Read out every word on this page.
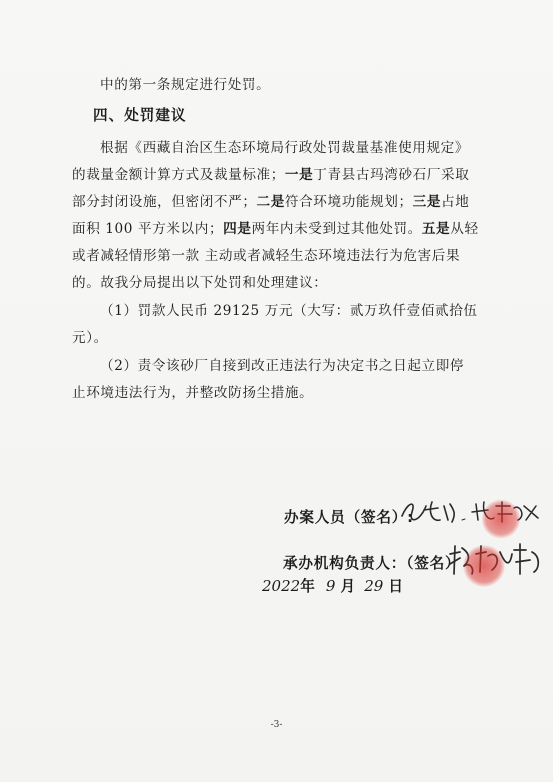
中的第一条规定进行处罚。
四、处罚建议
根据《西藏自治区生态环境局行政处罚裁量基准使用规定》
的裁量金额计算方式及裁量标准；一是丁青县古玛湾砂石厂采取
部分封闭设施，但密闭不严；二是符合环境功能规划；三是占地
面积 100 平方米以内；四是两年内未受到过其他处罚。五是从轻
或者减轻情形第一款 主动或者减轻生态环境违法行为危害后果
的。故我分局提出以下处罚和处理建议：
（1）罚款人民币 29125 万元（大写：贰万玖仟壹佰贰拾伍
元）。
（2）责令该砂厂自接到改正违法行为决定书之日起立即停
止环境违法行为，并整改防扬尘措施。
办案人员（签名）:
承办机构负责人：（签名）
2022年 9 月 29 日
-3-
